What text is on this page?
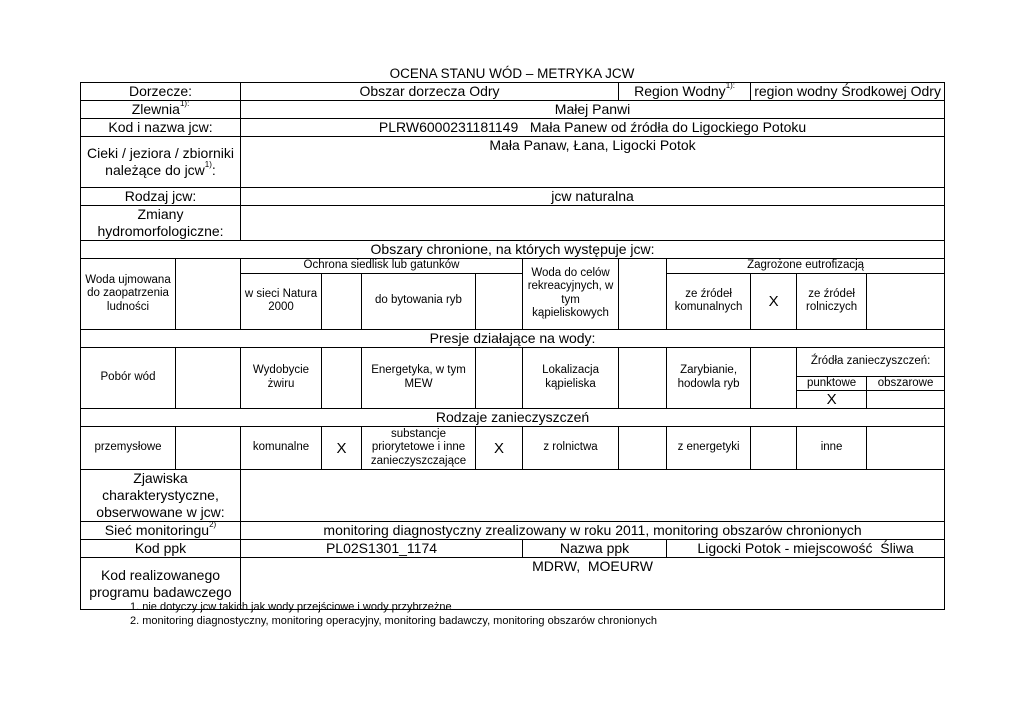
OCENA STANU WÓD – METRYKA JCW
Dorzecze:		Obszar dorzecza Odry					Region Wodny$^{1):}$		region wodny Środkowej Odry		
Zlewnia$^{1):}$		Małej Panwi									
Kod i nazwa jcw:		PLRW6000231181149   Mała Panew od źródła do Ligockiego Potoku									
Cieki / jeziora / zbiorniki należące do jcw$^{1)}$:		Mała Panaw, Łana, Ligocki Potok									
Rodzaj jcw:		jcw naturalna									
Zmiany hydromorfologiczne:											
Obszary chronione, na których występuje jcw:											
Woda ujmowana do zaopatrzenia ludności		Ochrona siedlisk lub gatunków				Woda do celów rekreacyjnych, w tym kąpieliskowych		Zagrożone eutrofizacją			
		w sieci Natura 2000		do bytowania ryb				ze źródeł komunalnych	X	ze źródeł rolniczych	
Presje działające na wody:											
Pobór wód		Wydobycie żwiru		Energetyka, w tym MEW		Lokalizacja kąpieliska		Zarybianie, hodowla ryb		Źródła zanieczyszczeń:	
										punktowe	obszarowe
										X	
Rodzaje zanieczyszczeń											
przemysłowe		komunalne	X	substancje priorytetowe i inne zanieczyszczające	X	z rolnictwa		z energetyki		inne	
Zjawiska charakterystyczne, obserwowane w jcw:											
Sieć monitoringu$^{2)}$		monitoring diagnostyczny zrealizowany w roku 2011, monitoring obszarów chronionych									
Kod ppk		PL02S1301_1174				Nazwa ppk		Ligocki Potok - miejscowość  Śliwa			
Kod realizowanego programu badawczego		MDRW,  MOEURW									
1. nie dotyczy jcw takich jak wody przejściowe i wody przybrzeżne
2. monitoring diagnostyczny, monitoring operacyjny, monitoring badawczy, monitoring obszarów chronionych
